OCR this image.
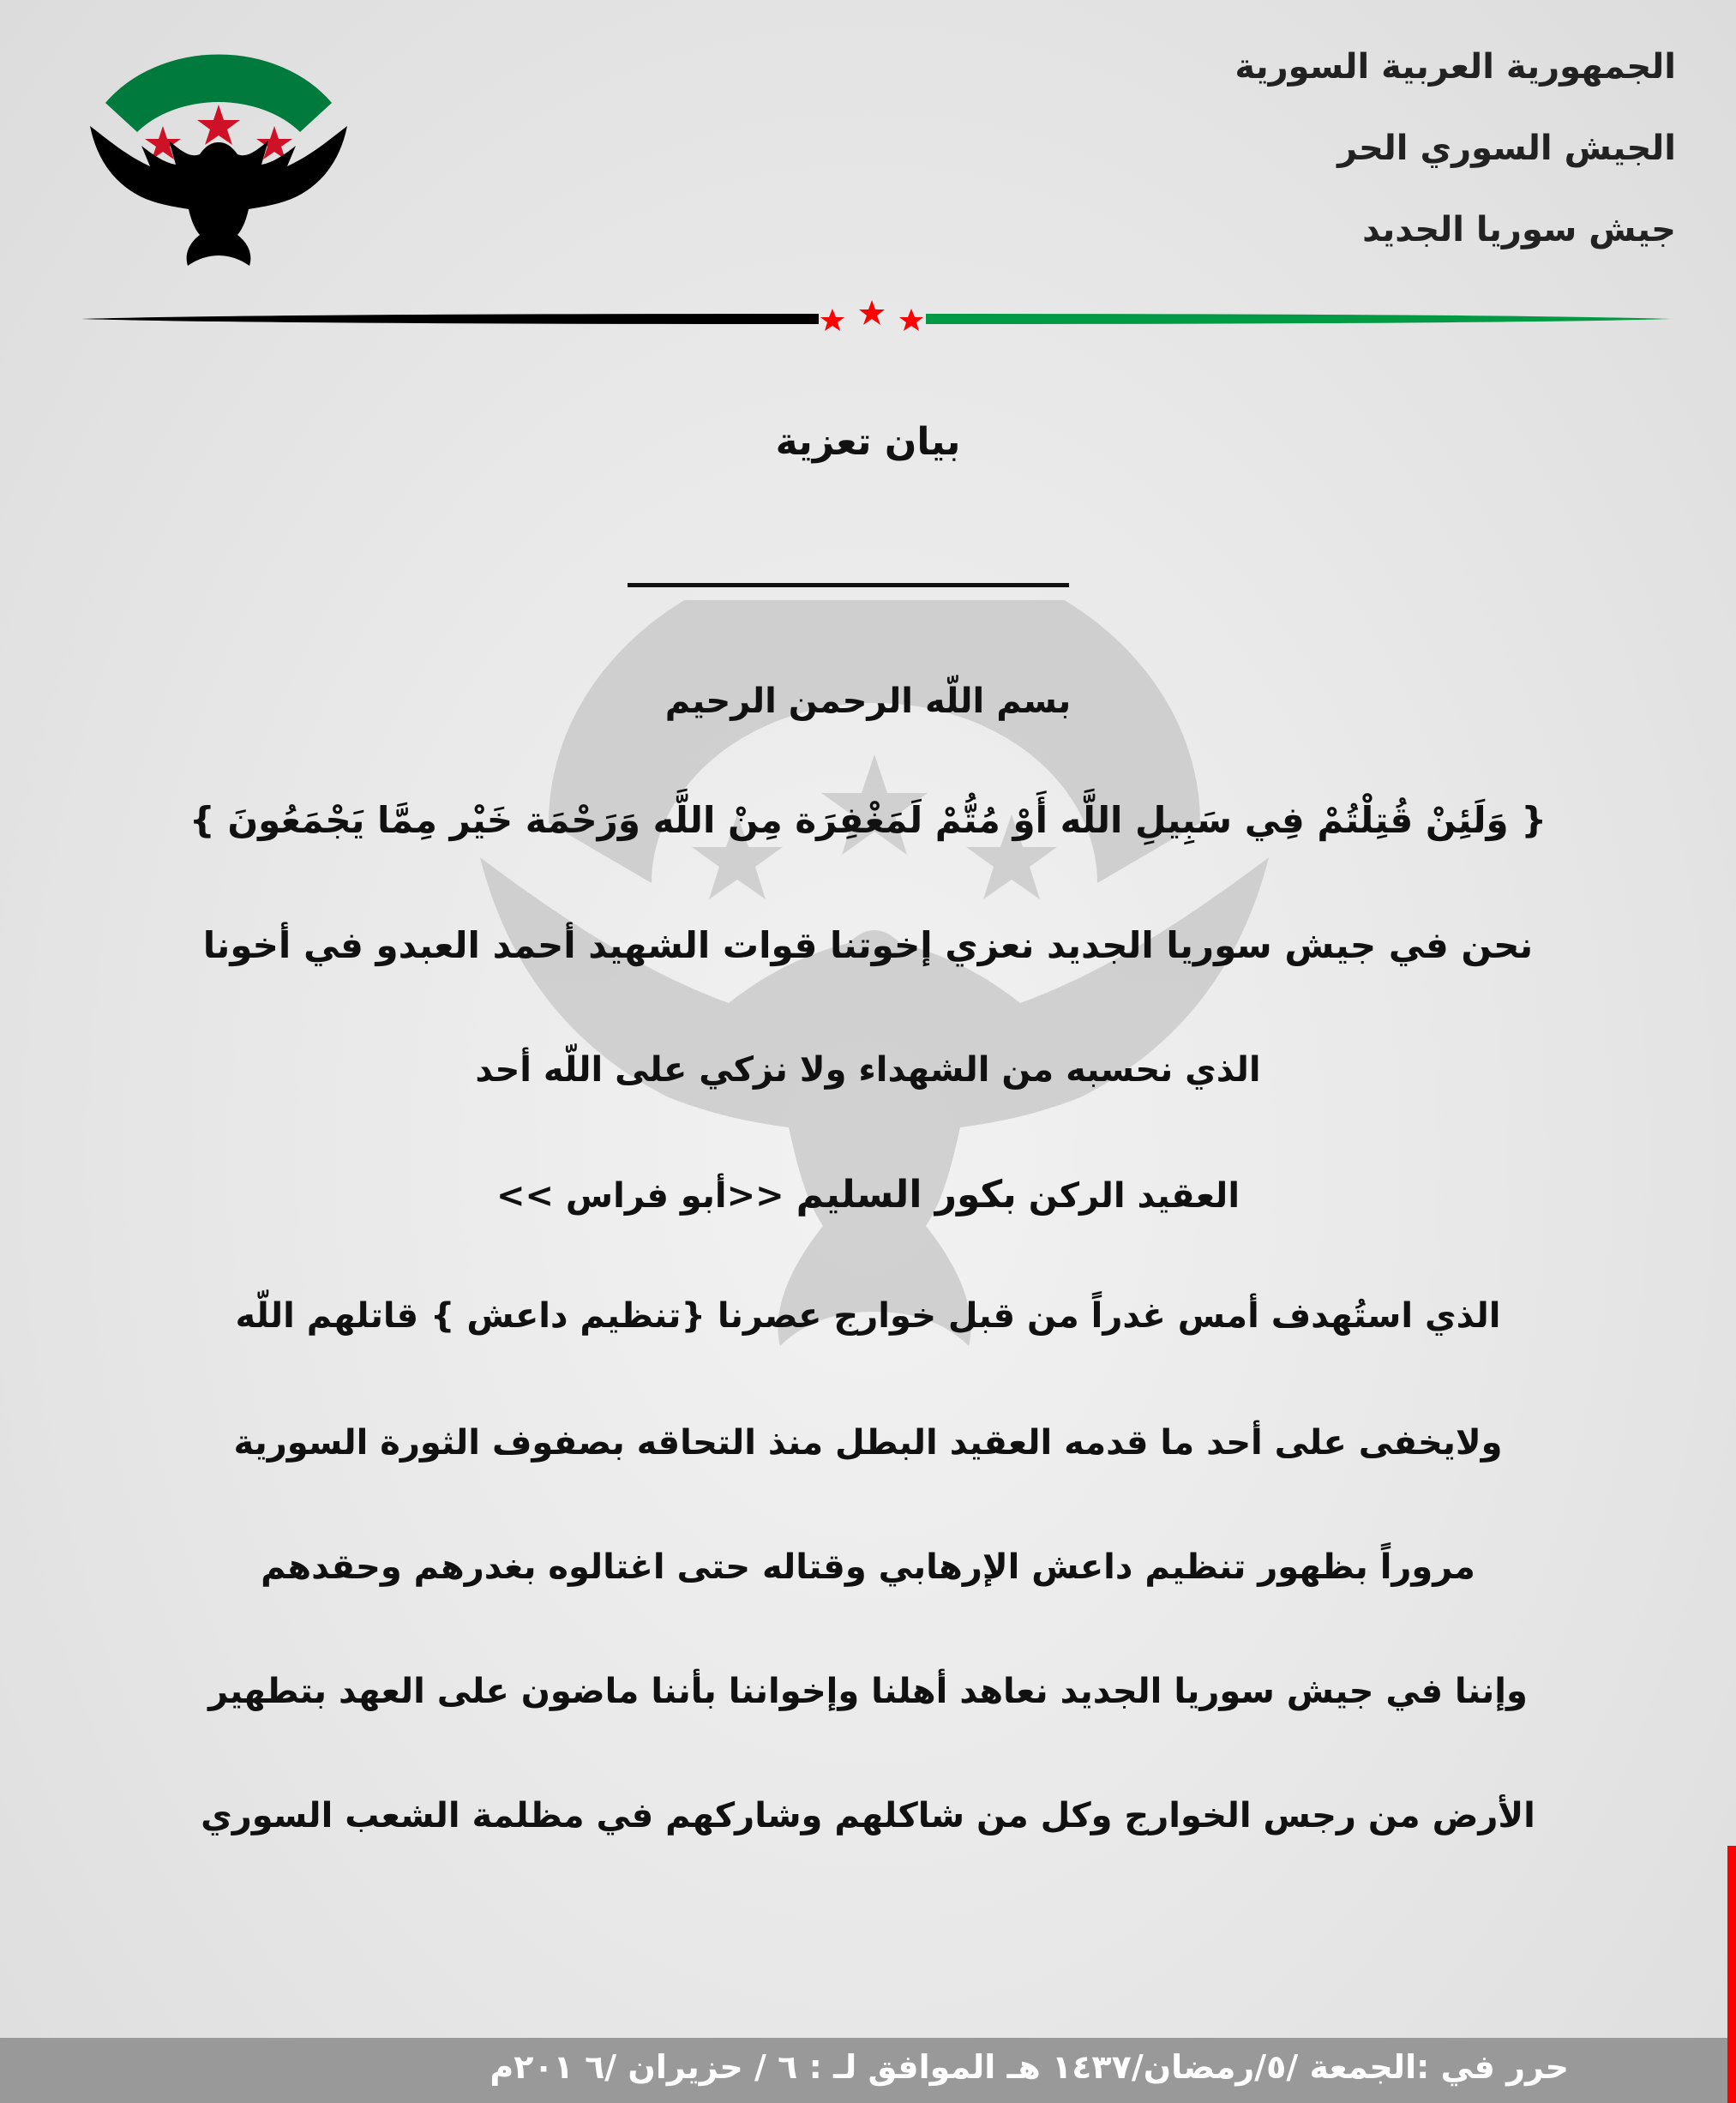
الجمهورية العربية السورية
الجيش السوري الحر
جيش سوريا الجديد
بيان تعزية
بسم اللّه الرحمن الرحيم
{ وَلَئِنْ قُتِلْتُمْ فِي سَبِيلِ اللَّه أَوْ مُتُّمْ لَمَغْفِرَة مِنْ اللَّه وَرَحْمَة خَيْر مِمَّا يَجْمَعُونَ }
نحن في جيش سوريا الجديد نعزي إخوتنا قوات الشهيد أحمد العبدو في أخونا
الذي نحسبه من الشهداء ولا نزكي على اللّه أحد
العقيد الركن بكور السليم <<أبو فراس >>
الذي استُهدف أمس غدراً من قبل خوارج عصرنا {تنظيم داعش } قاتلهم اللّه
ولايخفى على أحد ما قدمه العقيد البطل منذ التحاقه بصفوف الثورة السورية
مروراً بظهور تنظيم داعش الإرهابي وقتاله حتى اغتالوه بغدرهم وحقدهم
وإننا في جيش سوريا الجديد نعاهد أهلنا وإخواننا بأننا ماضون على العهد بتطهير
الأرض من رجس الخوارج وكل من شاكلهم وشاركهم في مظلمة الشعب السوري
حرر في :الجمعة /٥/رمضان/١٤٣٧ هـ الموافق لـ : ٦ / حزيران /٦ ٢٠١م
